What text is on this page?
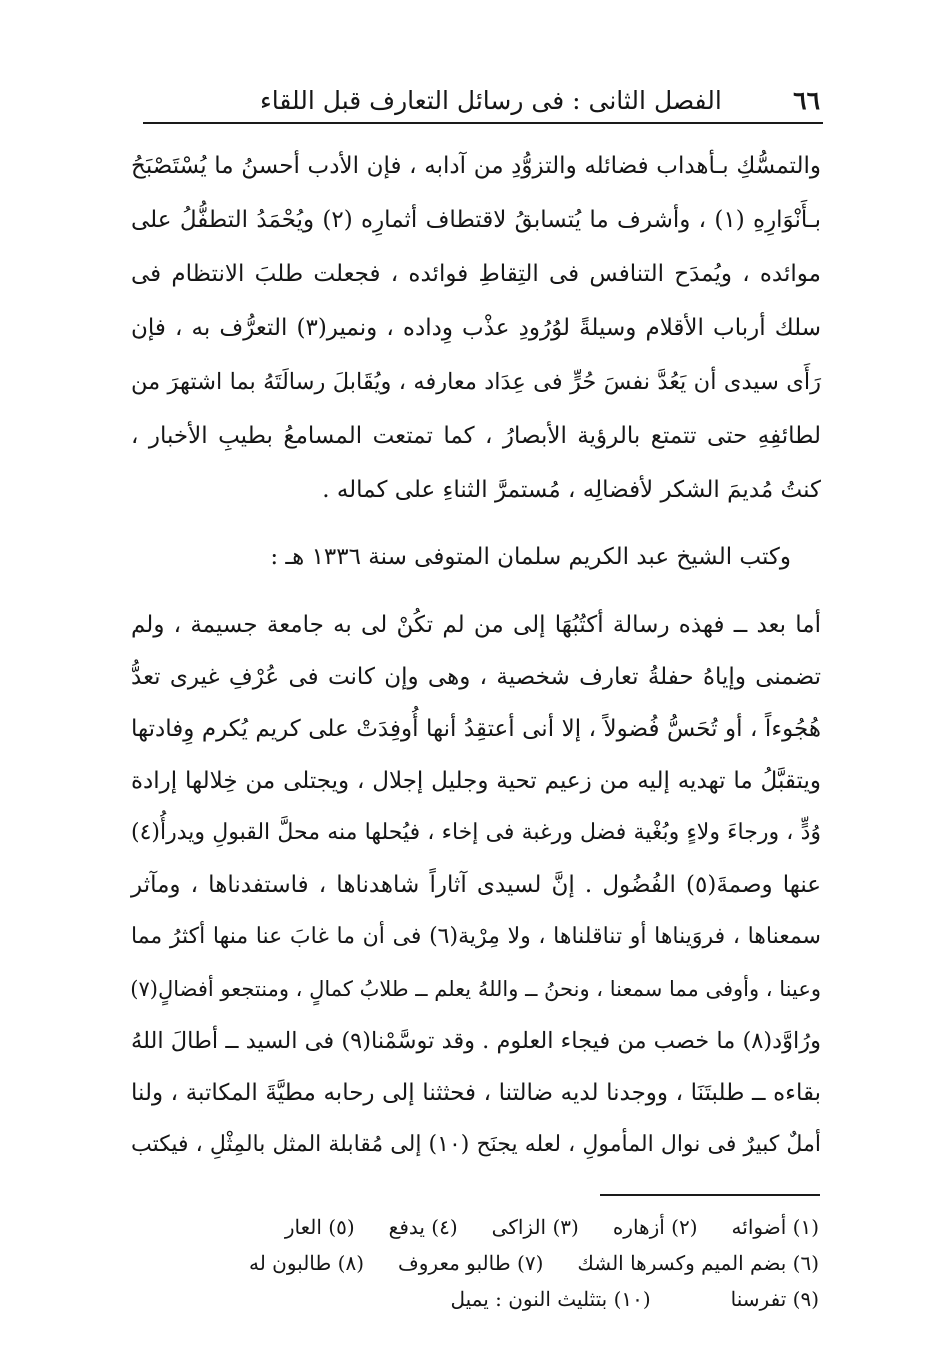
٦٦
الفصل الثانى : فى رسائل التعارف قبل اللقاء
والتمسُّكِ بـأهداب فضائله والتزوُّدِ من آدابه ، فإن الأدب أحسنُ ما يُسْتَصْبَحُ
بـأَنْوَارِهِ (١) ، وأشرف ما يُتسابقُ لاقتطاف أثمارِه (٢) ويُحْمَدُ التطفُّلُ على
موائده ، ويُمدَح التنافس فى التِقاطِ فوائده ، فجعلت طلبَ الانتظام فى
سلك أرباب الأقلام وسيلةً لوُرُودِ عذْب وِداده ، ونمير(٣) التعرُّف به ، فإن
رَأَى سيدى أن يَعُدَّ نفسَ حُرٍّ فى عِدَاد معارفه ، ويُقَابلَ رسالَتَهُ بما اشتهرَ من
لطائفِهِ حتى تتمتع بالرؤية الأبصارُ ، كما تمتعت المسامعُ بطيبِ الأخبار ،
كنتُ مُديمَ الشكر لأفضالِه ، مُستمرَّ الثناءِ على كماله .
وكتب الشيخ عبد الكريم سلمان المتوفى سنة ١٣٣٦ هـ :
أما بعد ــ فهذه رسالة أكتُبُهَا إلى من لم تكُنْ لى به جامعة جسيمة ، ولم
تضمنى وإياهُ حفلةُ تعارف شخصية ، وهى وإن كانت فى عُرْفِ غيرى تعدُّ
هُجُوءاً ، أو تُحَسُّ فُضولاً ، إلا أنى أعتقِدُ أنها أُوفِدَتْ على كريم يُكرم وِفادتها
ويتقبَّلُ ما تهديه إليه من زعيم تحية وجليل إجلال ، ويجتلى من خِلالها إرادة
وُدٍّ ، ورجاءَ ولاءٍ وبُغْية فضل ورغبة فى إخاء ، فيُحلها منه محلَّ القبولِ ويدرأُ(٤)
عنها وصمةَ(٥) الفُضُول . إنَّ لسيدى آثاراً شاهدناها ، فاستفدناها ، ومآثر
سمعناها ، فروَيناها أو تناقلناها ، ولا مِرْية(٦) فى أن ما غابَ عنا منها أكثرُ مما
وعينا ، وأوفى مما سمعنا ، ونحنُ ــ واللهُ يعلم ــ طلابُ كمالٍ ، ومنتجعو أفضالٍ(٧)
ورُاوَّد(٨) ما خصب من فيجاء العلوم . وقد توسَّمْنا(٩) فى السيد ــ أطالَ اللهُ
بقاءه ــ طلبتَنَا ، ووجدنا لديه ضالتنا ، فحثثنا إلى رحابه مطيَّةَ المكاتبة ، ولنا
أملٌ كبيرٌ فى نوال المأمولِ ، لعله يجنَح (١٠) إلى مُقابلة المثل بالمِثْلِ ، فيكتب
(١) أضوائه(٢) أزهاره(٣) الزاكى(٤) يدفع(٥) العار
(٦) بضم الميم وكسرها الشك(٧) طالبو معروف(٨) طالبون له
(٩) تفرسنا(١٠) بتثليث النون : يميل
